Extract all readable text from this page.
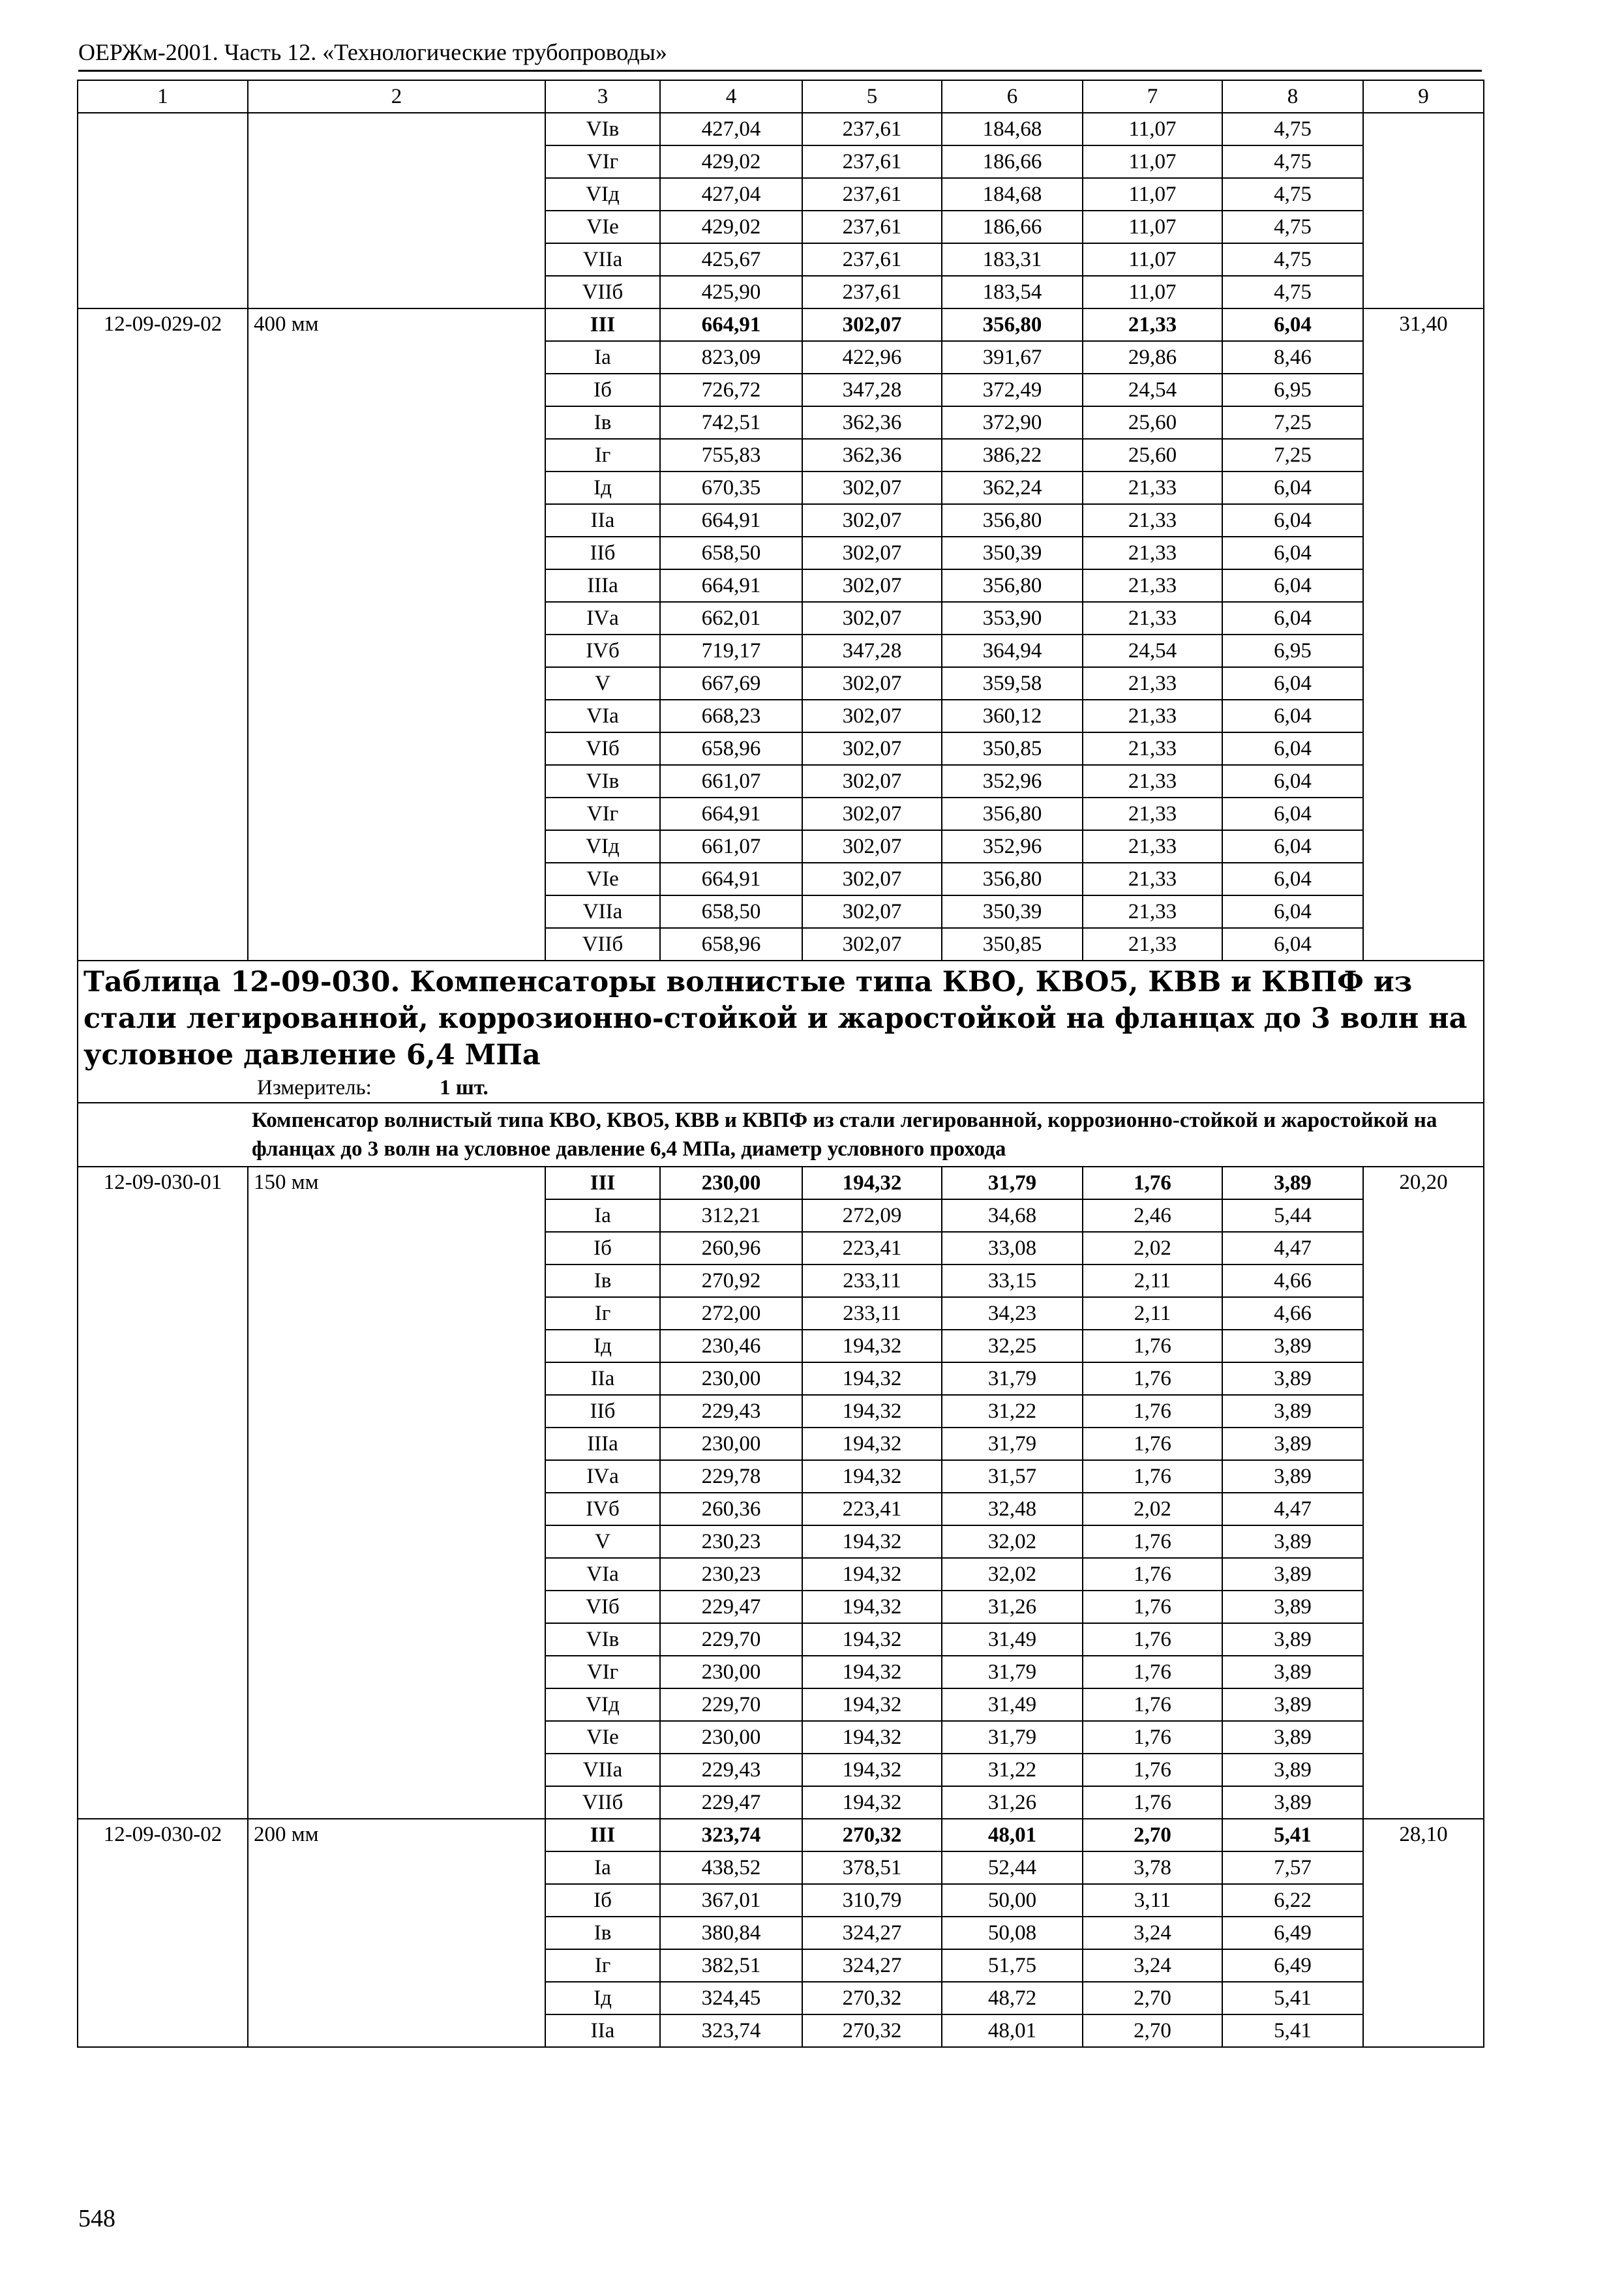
ОЕРЖм-2001. Часть 12. «Технологические трубопроводы»
1	2	3	4	5	6	7	8	9
		VIв	427,04	237,61	184,68	11,07	4,75	
		VIг	429,02	237,61	186,66	11,07	4,75	
		VIд	427,04	237,61	184,68	11,07	4,75	
		VIе	429,02	237,61	186,66	11,07	4,75	
		VIIа	425,67	237,61	183,31	11,07	4,75	
		VIIб	425,90	237,61	183,54	11,07	4,75	
12-09-029-02	400 мм	III	664,91	302,07	356,80	21,33	6,04	31,40
		Iа	823,09	422,96	391,67	29,86	8,46	
		Iб	726,72	347,28	372,49	24,54	6,95	
		Iв	742,51	362,36	372,90	25,60	7,25	
		Iг	755,83	362,36	386,22	25,60	7,25	
		Iд	670,35	302,07	362,24	21,33	6,04	
		IIа	664,91	302,07	356,80	21,33	6,04	
		IIб	658,50	302,07	350,39	21,33	6,04	
		IIIа	664,91	302,07	356,80	21,33	6,04	
		IVа	662,01	302,07	353,90	21,33	6,04	
		IVб	719,17	347,28	364,94	24,54	6,95	
		V	667,69	302,07	359,58	21,33	6,04	
		VIа	668,23	302,07	360,12	21,33	6,04	
		VIб	658,96	302,07	350,85	21,33	6,04	
		VIв	661,07	302,07	352,96	21,33	6,04	
		VIг	664,91	302,07	356,80	21,33	6,04	
		VIд	661,07	302,07	352,96	21,33	6,04	
		VIе	664,91	302,07	356,80	21,33	6,04	
		VIIа	658,50	302,07	350,39	21,33	6,04	
		VIIб	658,96	302,07	350,85	21,33	6,04	

Таблица 12-09-030. Компенсаторы волнистые типа КВО, КВО5, КВВ и КВПФ из стали легированной, коррозионно-стойкой и жаростойкой на фланцах до 3 волн на условное давление 6,4 МПа
Измеритель: 1 шт.								

Компенсатор волнистый типа КВО, КВО5, КВВ и КВПФ из стали легированной, коррозионно-стойкой и жаростойкой на фланцах до 3 волн на условное давление 6,4 МПа, диаметр условного прохода								
12-09-030-01	150 мм	III	230,00	194,32	31,79	1,76	3,89	20,20
		Iа	312,21	272,09	34,68	2,46	5,44	
		Iб	260,96	223,41	33,08	2,02	4,47	
		Iв	270,92	233,11	33,15	2,11	4,66	
		Iг	272,00	233,11	34,23	2,11	4,66	
		Iд	230,46	194,32	32,25	1,76	3,89	
		IIа	230,00	194,32	31,79	1,76	3,89	
		IIб	229,43	194,32	31,22	1,76	3,89	
		IIIа	230,00	194,32	31,79	1,76	3,89	
		IVа	229,78	194,32	31,57	1,76	3,89	
		IVб	260,36	223,41	32,48	2,02	4,47	
		V	230,23	194,32	32,02	1,76	3,89	
		VIа	230,23	194,32	32,02	1,76	3,89	
		VIб	229,47	194,32	31,26	1,76	3,89	
		VIв	229,70	194,32	31,49	1,76	3,89	
		VIг	230,00	194,32	31,79	1,76	3,89	
		VIд	229,70	194,32	31,49	1,76	3,89	
		VIе	230,00	194,32	31,79	1,76	3,89	
		VIIа	229,43	194,32	31,22	1,76	3,89	
		VIIб	229,47	194,32	31,26	1,76	3,89	
12-09-030-02	200 мм	III	323,74	270,32	48,01	2,70	5,41	28,10
		Iа	438,52	378,51	52,44	3,78	7,57	
		Iб	367,01	310,79	50,00	3,11	6,22	
		Iв	380,84	324,27	50,08	3,24	6,49	
		Iг	382,51	324,27	51,75	3,24	6,49	
		Iд	324,45	270,32	48,72	2,70	5,41	
		IIа	323,74	270,32	48,01	2,70	5,41	
548
